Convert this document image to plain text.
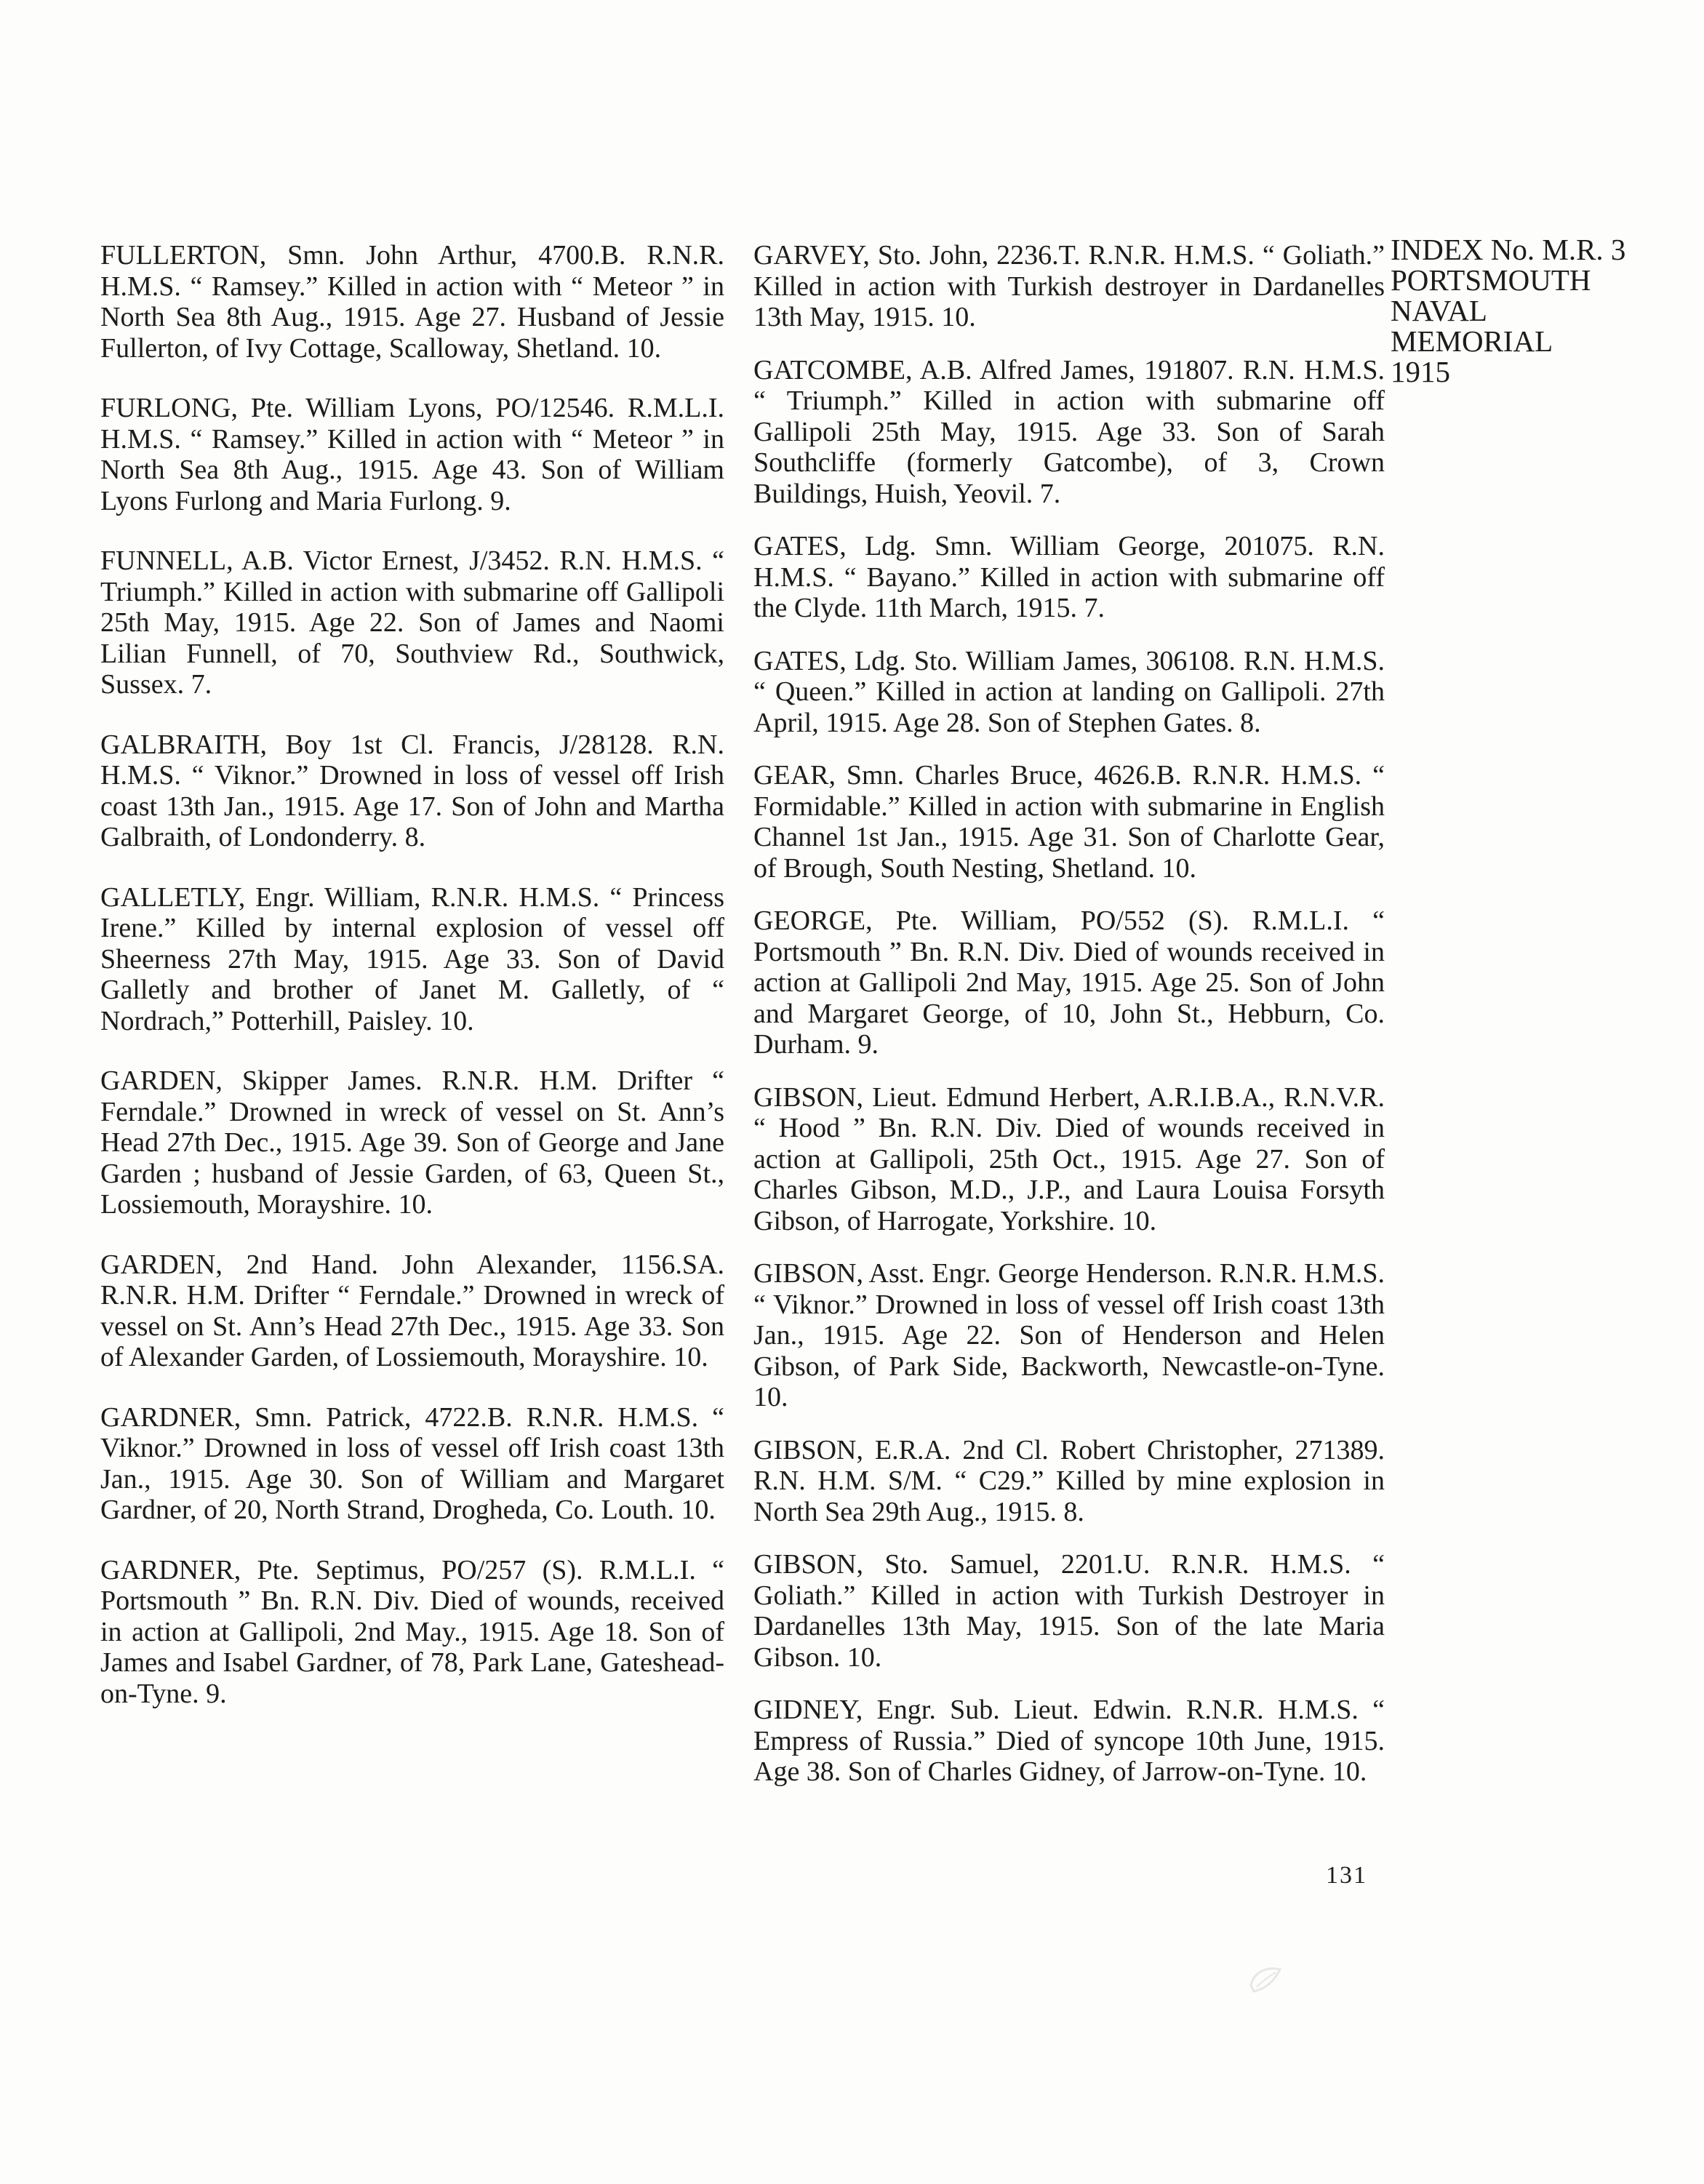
INDEX No. M.R. 3
PORTSMOUTH
NAVAL
MEMORIAL
1915

FULLERTON, Smn. John Arthur, 4700.B. R.N.R. H.M.S. “ Ramsey.” Killed in action with “ Meteor ” in North Sea 8th Aug., 1915. Age 27. Husband of Jessie Fullerton, of Ivy Cottage, Scalloway, Shetland. 10.

FURLONG, Pte. William Lyons, PO/12546. R.M.L.I. H.M.S. “ Ramsey.” Killed in action with “ Meteor ” in North Sea 8th Aug., 1915. Age 43. Son of William Lyons Furlong and Maria Furlong. 9.

FUNNELL, A.B. Victor Ernest, J/3452. R.N. H.M.S. “ Triumph.” Killed in action with submarine off Gallipoli 25th May, 1915. Age 22. Son of James and Naomi Lilian Funnell, of 70, Southview Rd., Southwick, Sussex. 7.

GALBRAITH, Boy 1st Cl. Francis, J/28128. R.N. H.M.S. “ Viknor.” Drowned in loss of vessel off Irish coast 13th Jan., 1915. Age 17. Son of John and Martha Galbraith, of Londonderry. 8.

GALLETLY, Engr. William, R.N.R. H.M.S. “ Princess Irene.” Killed by internal explosion of vessel off Sheerness 27th May, 1915. Age 33. Son of David Galletly and brother of Janet M. Galletly, of “ Nordrach,” Potterhill, Paisley. 10.

GARDEN, Skipper James. R.N.R. H.M. Drifter “ Ferndale.” Drowned in wreck of vessel on St. Ann’s Head 27th Dec., 1915. Age 39. Son of George and Jane Garden ; husband of Jessie Garden, of 63, Queen St., Lossiemouth, Morayshire. 10.

GARDEN, 2nd Hand. John Alexander, 1156.SA. R.N.R. H.M. Drifter “ Ferndale.” Drowned in wreck of vessel on St. Ann’s Head 27th Dec., 1915. Age 33. Son of Alexander Garden, of Lossiemouth, Morayshire. 10.

GARDNER, Smn. Patrick, 4722.B. R.N.R. H.M.S. “ Viknor.” Drowned in loss of vessel off Irish coast 13th Jan., 1915. Age 30. Son of William and Margaret Gardner, of 20, North Strand, Drogheda, Co. Louth. 10.

GARDNER, Pte. Septimus, PO/257 (S). R.M.L.I. “ Portsmouth ” Bn. R.N. Div. Died of wounds, received in action at Gallipoli, 2nd May., 1915. Age 18. Son of James and Isabel Gardner, of 78, Park Lane, Gateshead-on-Tyne. 9.

GARVEY, Sto. John, 2236.T. R.N.R. H.M.S. “ Goliath.” Killed in action with Turkish destroyer in Dardanelles 13th May, 1915. 10.

GATCOMBE, A.B. Alfred James, 191807. R.N. H.M.S. “ Triumph.” Killed in action with submarine off Gallipoli 25th May, 1915. Age 33. Son of Sarah Southcliffe (formerly Gatcombe), of 3, Crown Buildings, Huish, Yeovil. 7.

GATES, Ldg. Smn. William George, 201075. R.N. H.M.S. “ Bayano.” Killed in action with submarine off the Clyde. 11th March, 1915. 7.

GATES, Ldg. Sto. William James, 306108. R.N. H.M.S. “ Queen.” Killed in action at landing on Gallipoli. 27th April, 1915. Age 28. Son of Stephen Gates. 8.

GEAR, Smn. Charles Bruce, 4626.B. R.N.R. H.M.S. “ Formidable.” Killed in action with submarine in English Channel 1st Jan., 1915. Age 31. Son of Charlotte Gear, of Brough, South Nesting, Shetland. 10.

GEORGE, Pte. William, PO/552 (S). R.M.L.I. “ Portsmouth ” Bn. R.N. Div. Died of wounds received in action at Gallipoli 2nd May, 1915. Age 25. Son of John and Margaret George, of 10, John St., Hebburn, Co. Durham. 9.

GIBSON, Lieut. Edmund Herbert, A.R.I.B.A., R.N.V.R. “ Hood ” Bn. R.N. Div. Died of wounds received in action at Gallipoli, 25th Oct., 1915. Age 27. Son of Charles Gibson, M.D., J.P., and Laura Louisa Forsyth Gibson, of Harrogate, Yorkshire. 10.

GIBSON, Asst. Engr. George Henderson. R.N.R. H.M.S. “ Viknor.” Drowned in loss of vessel off Irish coast 13th Jan., 1915. Age 22. Son of Henderson and Helen Gibson, of Park Side, Backworth, Newcastle-on-Tyne. 10.

GIBSON, E.R.A. 2nd Cl. Robert Christopher, 271389. R.N. H.M. S/M. “ C29.” Killed by mine explosion in North Sea 29th Aug., 1915. 8.

GIBSON, Sto. Samuel, 2201.U. R.N.R. H.M.S. “ Goliath.” Killed in action with Turkish Destroyer in Dardanelles 13th May, 1915. Son of the late Maria Gibson. 10.

GIDNEY, Engr. Sub. Lieut. Edwin. R.N.R. H.M.S. “ Empress of Russia.” Died of syncope 10th June, 1915. Age 38. Son of Charles Gidney, of Jarrow-on-Tyne. 10.

131
